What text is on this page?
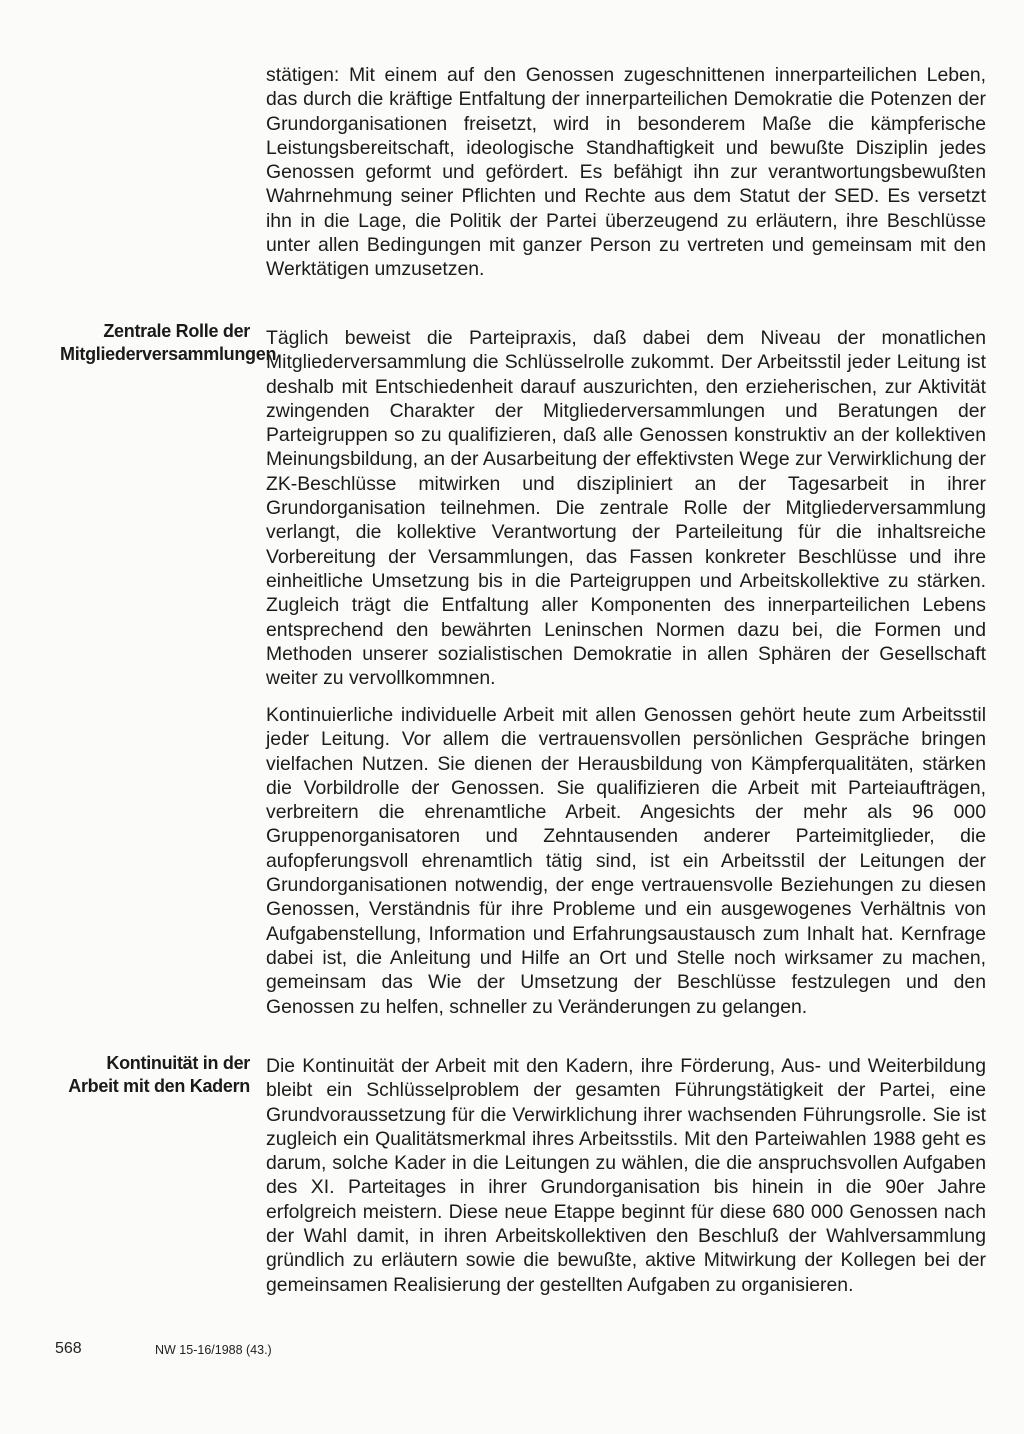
stätigen: Mit einem auf den Genossen zugeschnittenen innerparteilichen Leben, das durch die kräftige Entfaltung der innerparteilichen Demokratie die Potenzen der Grundorganisationen freisetzt, wird in besonderem Maße die kämpferische Leistungsbereitschaft, ideologische Standhaftigkeit und bewußte Disziplin jedes Genossen geformt und gefördert. Es befähigt ihn zur verantwortungsbewußten Wahrnehmung seiner Pflichten und Rechte aus dem Statut der SED. Es versetzt ihn in die Lage, die Politik der Partei überzeugend zu erläutern, ihre Beschlüsse unter allen Bedingungen mit ganzer Person zu vertreten und gemeinsam mit den Werktätigen umzusetzen.

Zentrale Rolle der Mitgliederversammlungen

Täglich beweist die Parteipraxis, daß dabei dem Niveau der monatlichen Mitgliederversammlung die Schlüsselrolle zukommt. Der Arbeitsstil jeder Leitung ist deshalb mit Entschiedenheit darauf auszurichten, den erzieherischen, zur Aktivität zwingenden Charakter der Mitgliederversammlungen und Beratungen der Parteigruppen so zu qualifizieren, daß alle Genossen konstruktiv an der kollektiven Meinungsbildung, an der Ausarbeitung der effektivsten Wege zur Verwirklichung der ZK-Beschlüsse mitwirken und diszipliniert an der Tagesarbeit in ihrer Grundorganisation teilnehmen. Die zentrale Rolle der Mitgliederversammlung verlangt, die kollektive Verantwortung der Parteileitung für die inhaltsreiche Vorbereitung der Versammlungen, das Fassen konkreter Beschlüsse und ihre einheitliche Umsetzung bis in die Parteigruppen und Arbeitskollektive zu stärken. Zugleich trägt die Entfaltung aller Komponenten des innerparteilichen Lebens entsprechend den bewährten Leninschen Normen dazu bei, die Formen und Methoden unserer sozialistischen Demokratie in allen Sphären der Gesellschaft weiter zu vervollkommnen.

Kontinuierliche individuelle Arbeit mit allen Genossen gehört heute zum Arbeitsstil jeder Leitung. Vor allem die vertrauensvollen persönlichen Gespräche bringen vielfachen Nutzen. Sie dienen der Herausbildung von Kämpferqualitäten, stärken die Vorbildrolle der Genossen. Sie qualifizieren die Arbeit mit Parteiaufträgen, verbreitern die ehrenamtliche Arbeit. Angesichts der mehr als 96 000 Gruppenorganisatoren und Zehntausenden anderer Parteimitglieder, die aufopferungsvoll ehrenamtlich tätig sind, ist ein Arbeitsstil der Leitungen der Grundorganisationen notwendig, der enge vertrauensvolle Beziehungen zu diesen Genossen, Verständnis für ihre Probleme und ein ausgewogenes Verhältnis von Aufgabenstellung, Information und Erfahrungsaustausch zum Inhalt hat. Kernfrage dabei ist, die Anleitung und Hilfe an Ort und Stelle noch wirksamer zu machen, gemeinsam das Wie der Umsetzung der Beschlüsse festzulegen und den Genossen zu helfen, schneller zu Veränderungen zu gelangen.

Kontinuität in der Arbeit mit den Kadern

Die Kontinuität der Arbeit mit den Kadern, ihre Förderung, Aus- und Weiterbildung bleibt ein Schlüsselproblem der gesamten Führungstätigkeit der Partei, eine Grundvoraussetzung für die Verwirklichung ihrer wachsenden Führungsrolle. Sie ist zugleich ein Qualitätsmerkmal ihres Arbeitsstils. Mit den Parteiwahlen 1988 geht es darum, solche Kader in die Leitungen zu wählen, die die anspruchsvollen Aufgaben des XI. Parteitages in ihrer Grundorganisation bis hinein in die 90er Jahre erfolgreich meistern. Diese neue Etappe beginnt für diese 680 000 Genossen nach der Wahl damit, in ihren Arbeitskollektiven den Beschluß der Wahlversammlung gründlich zu erläutern sowie die bewußte, aktive Mitwirkung der Kollegen bei der gemeinsamen Realisierung der gestellten Aufgaben zu organisieren.

568	NW 15-16/1988 (43.)
